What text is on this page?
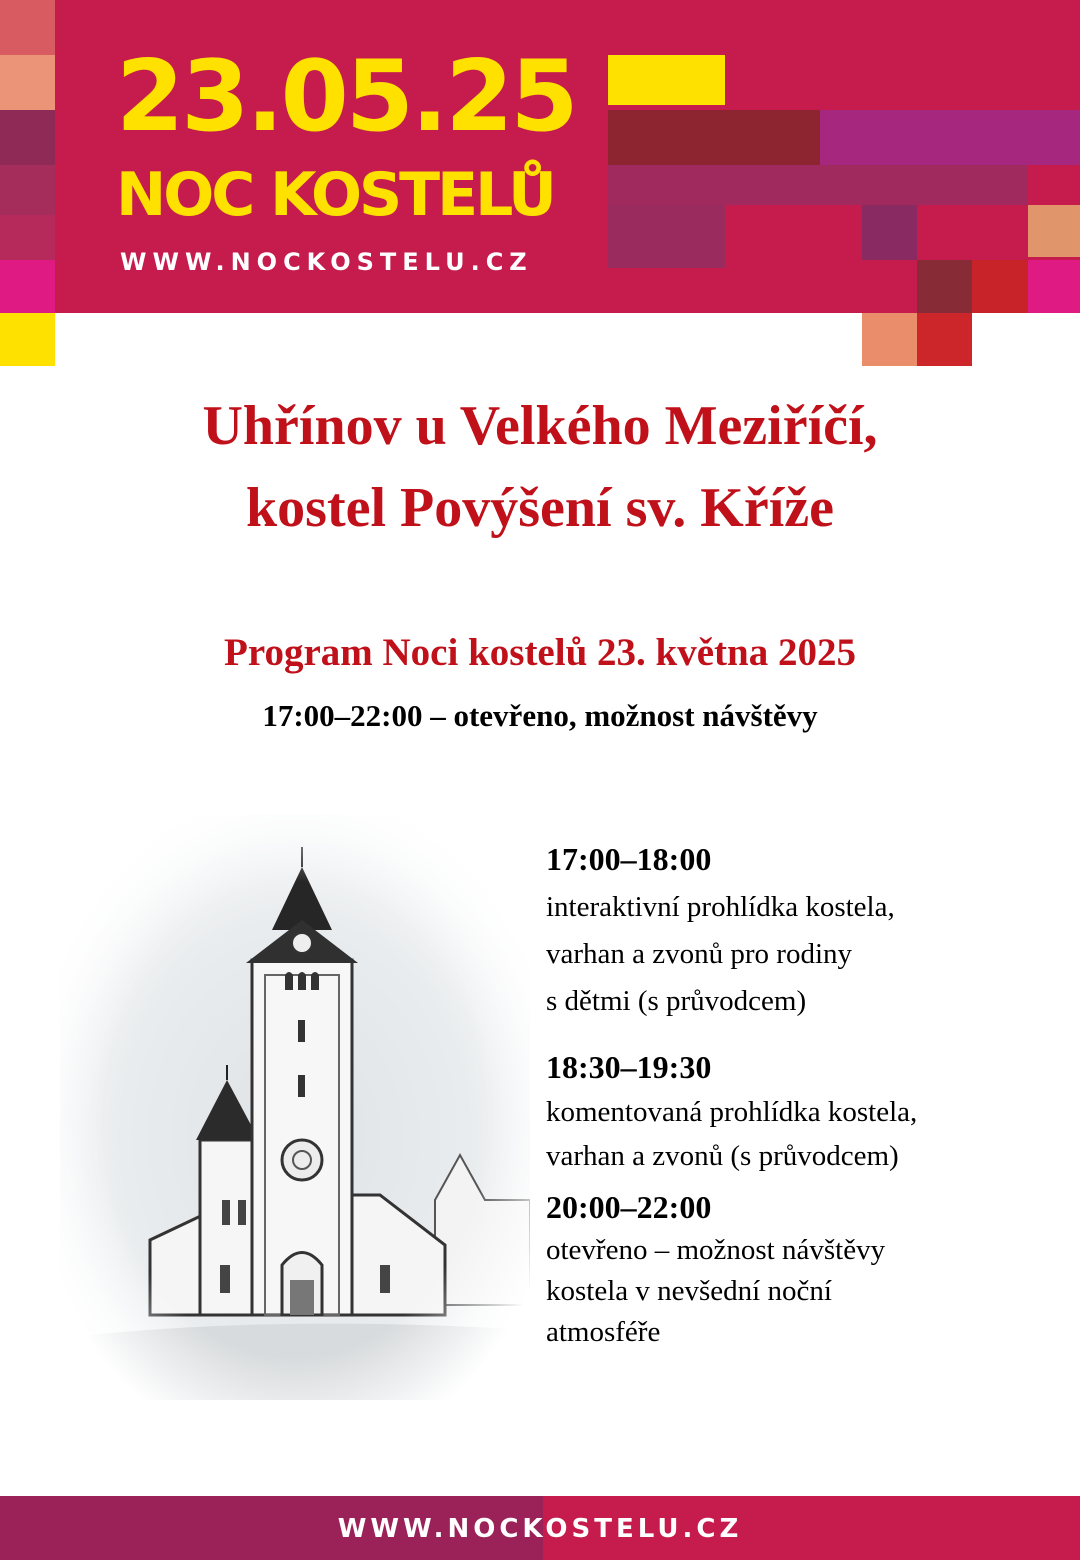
23.05.25
NOC KOSTELŮ
WWW.NOCKOSTELU.CZ
Uhřínov u Velkého Meziříčí,
kostel Povýšení sv. Kříže
Program Noci kostelů 23. května 2025
17:00–22:00 – otevřeno, možnost návštěvy
17:00–18:00
interaktivní prohlídka kostela,
varhan a zvonů pro rodiny
s dětmi (s průvodcem)
18:30–19:30
komentovaná prohlídka kostela,
varhan a zvonů (s průvodcem)
20:00–22:00
otevřeno – možnost návštěvy
kostela v nevšední noční
atmosféře
WWW.NOCKOSTELU.CZ
